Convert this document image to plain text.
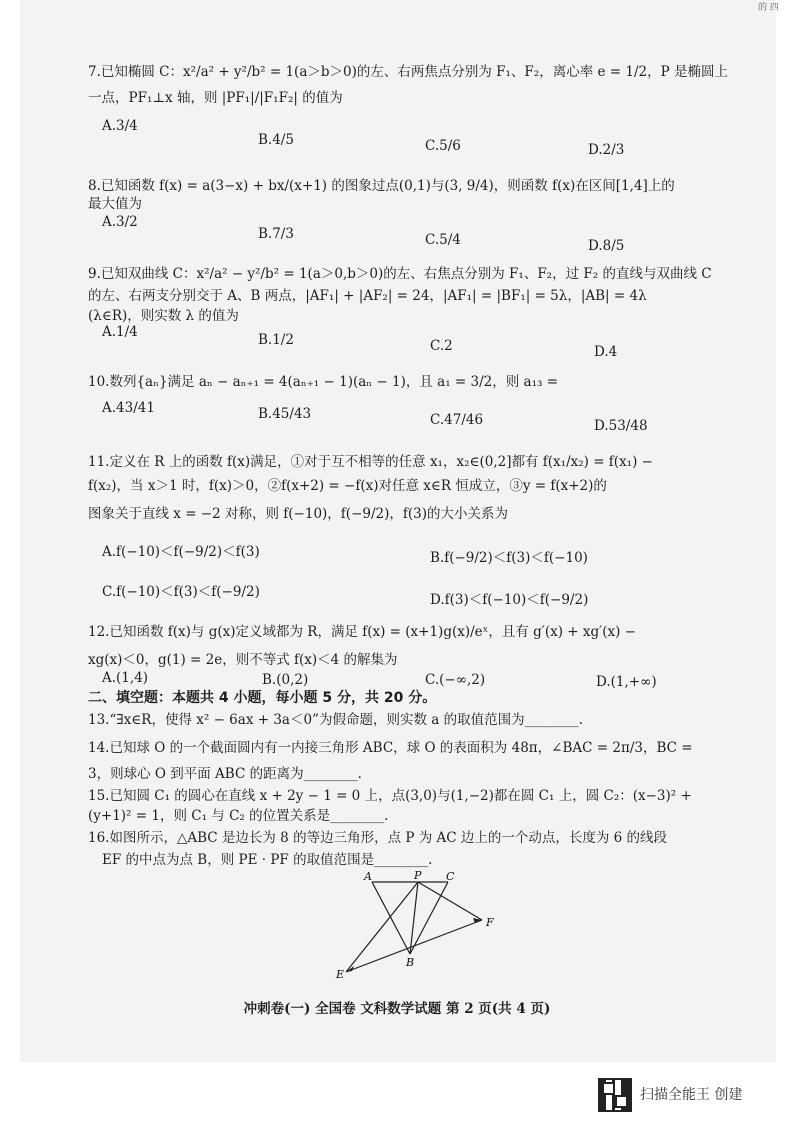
的 四
7.已知椭圆 C：x²/a² + y²/b² = 1(a＞b＞0)的左、右两焦点分别为 F₁、F₂，离心率 e = 1/2，P 是椭圆上
一点，PF₁⊥x 轴，则 |PF₁|/|F₁F₂| 的值为
A.3/4
B.4/5	C.5/6	D.2/3
8.已知函数 f(x) = a(3−x) + bx/(x+1) 的图象过点(0,1)与(3, 9/4)，则函数 f(x)在区间[1,4]上的
最大值为
A.3/2
B.7/3	C.5/4	D.8/5
9.已知双曲线 C：x²/a² − y²/b² = 1(a＞0,b＞0)的左、右焦点分别为 F₁、F₂，过 F₂ 的直线与双曲线 C
的左、右两支分别交于 A、B 两点，|AF₁| + |AF₂| = 24，|AF₁| = |BF₁| = 5λ，|AB| = 4λ
(λ∈R)，则实数 λ 的值为
A.1/4	B.1/2	C.2	D.4
10.数列{aₙ}满足 aₙ − aₙ₊₁ = 4(aₙ₊₁ − 1)(aₙ − 1)，且 a₁ = 3/2，则 a₁₃ =
A.43/41	B.45/43	C.47/46	D.53/48
11.定义在 R 上的函数 f(x)满足，①对于互不相等的任意 x₁，x₂∈(0,2]都有 f(x₁/x₂) = f(x₁) −
f(x₂)，当 x＞1 时，f(x)＞0，②f(x+2) = −f(x)对任意 x∈R 恒成立，③y = f(x+2)的
图象关于直线 x = −2 对称，则 f(−10)，f(−9/2)，f(3)的大小关系为
A.f(−10)＜f(−9/2)＜f(3)	B.f(−9/2)＜f(3)＜f(−10)
C.f(−10)＜f(3)＜f(−9/2)	D.f(3)＜f(−10)＜f(−9/2)
12.已知函数 f(x)与 g(x)定义域都为 R，满足 f(x) = (x+1)g(x)/eˣ，且有 g′(x) + xg′(x) −
xg(x)＜0，g(1) = 2e，则不等式 f(x)＜4 的解集为
A.(1,4)	B.(0,2)	C.(−∞,2)	D.(1,+∞)
二、填空题：本题共 4 小题，每小题 5 分，共 20 分。
13.“∃x∈R，使得 x² − 6ax + 3a＜0”为假命题，则实数 a 的取值范围为________.
14.已知球 O 的一个截面圆内有一内接三角形 ABC，球 O 的表面积为 48π，∠BAC = 2π/3，BC =
3，则球心 O 到平面 ABC 的距离为________.
15.已知圆 C₁ 的圆心在直线 x + 2y − 1 = 0 上，点(3,0)与(1,−2)都在圆 C₁ 上，圆 C₂：(x−3)² +
(y+1)² = 1，则 C₁ 与 C₂ 的位置关系是________.
16.如图所示，△ABC 是边长为 8 的等边三角形，点 P 为 AC 边上的一个动点，长度为 6 的线段
EF 的中点为点 B，则 PE · PF 的取值范围是________.
A	P C
F
E
B
冲刺卷(一) 全国卷 文科数学试题 第 2 页(共 4 页)
扫描全能王 创建
